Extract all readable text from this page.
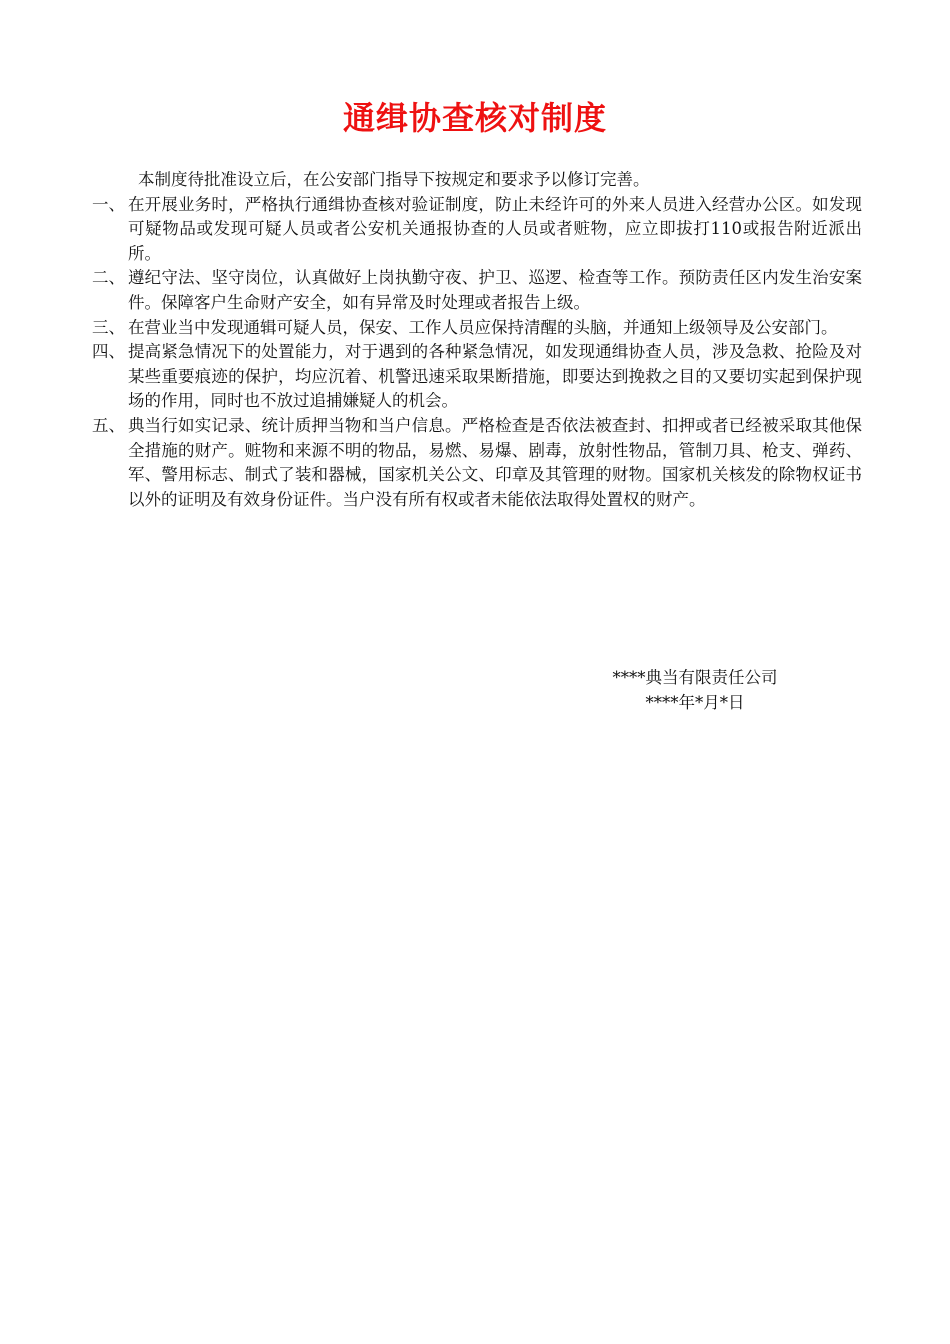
通缉协查核对制度

本制度待批准设立后，在公安部门指导下按规定和要求予以修订完善。

一、 在开展业务时，严格执行通缉协查核对验证制度，防止未经许可的外来人员进入经营办公区。如发现可疑物品或发现可疑人员或者公安机关通报协查的人员或者赃物，应立即拔打110或报告附近派出所。
二、 遵纪守法、坚守岗位，认真做好上岗执勤守夜、护卫、巡逻、检查等工作。预防责任区内发生治安案件。保障客户生命财产安全，如有异常及时处理或者报告上级。
三、 在营业当中发现通辑可疑人员，保安、工作人员应保持清醒的头脑，并通知上级领导及公安部门。
四、 提高紧急情况下的处置能力，对于遇到的各种紧急情况，如发现通缉协查人员，涉及急救、抢险及对某些重要痕迹的保护，均应沉着、机警迅速采取果断措施，即要达到挽救之目的又要切实起到保护现场的作用，同时也不放过追捕嫌疑人的机会。
五、 典当行如实记录、统计质押当物和当户信息。严格检查是否依法被查封、扣押或者已经被采取其他保全措施的财产。赃物和来源不明的物品，易燃、易爆、剧毒，放射性物品，管制刀具、枪支、弹药、军、警用标志、制式了装和器械，国家机关公文、印章及其管理的财物。国家机关核发的除物权证书以外的证明及有效身份证件。当户没有所有权或者未能依法取得处置权的财产。
****典当有限责任公司
****年*月*日
